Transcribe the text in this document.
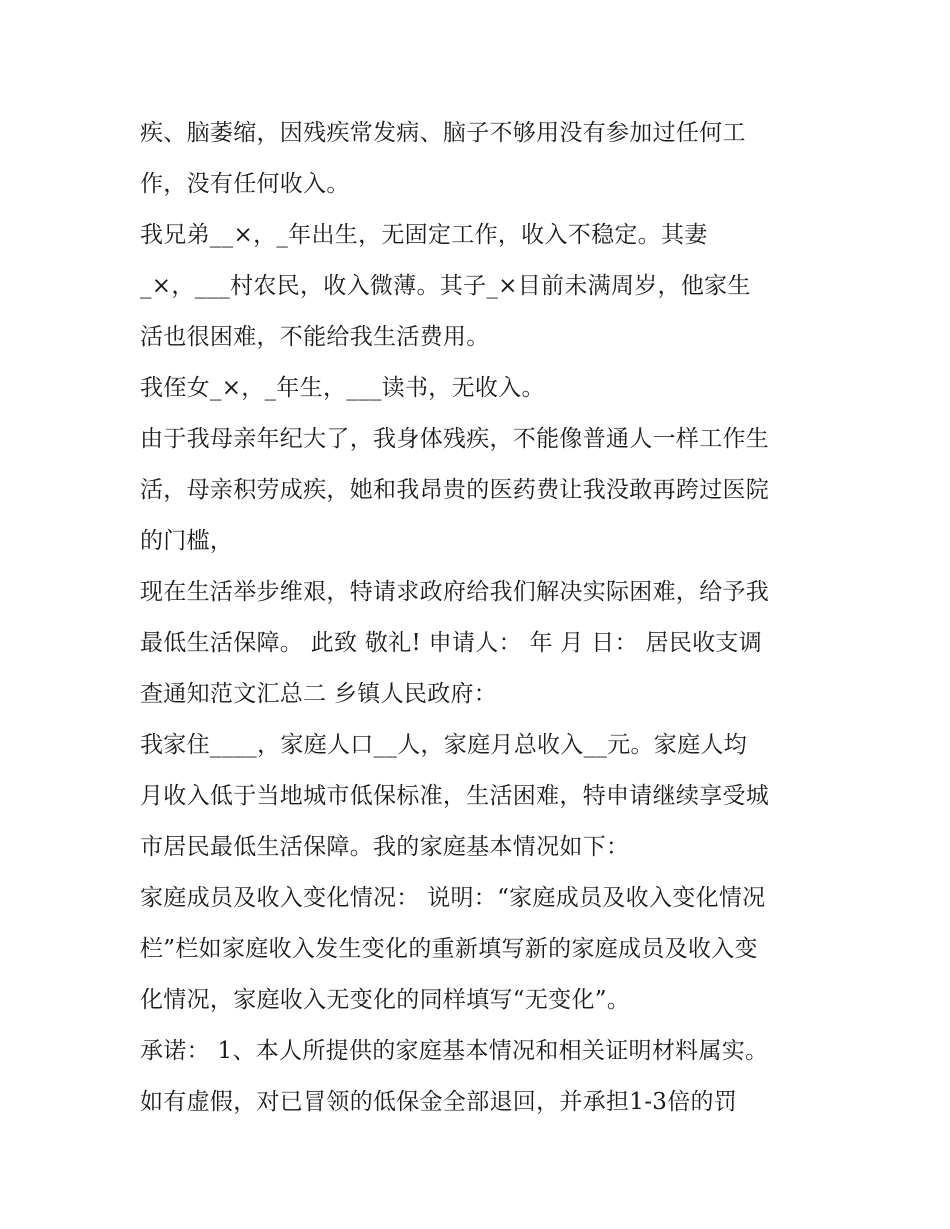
疾、脑萎缩，因残疾常发病、脑子不够用没有参加过任何工
作，没有任何收入。
我兄弟__×，_年出生，无固定工作，收入不稳定。其妻
_×，___村农民，收入微薄。其子_×目前未满周岁，他家生
活也很困难，不能给我生活费用。
我侄女_×，_年生，___读书，无收入。
由于我母亲年纪大了，我身体残疾，不能像普通人一样工作生
活，母亲积劳成疾，她和我昂贵的医药费让我没敢再跨过医院
的门槛，
现在生活举步维艰，特请求政府给我们解决实际困难，给予我
最低生活保障。 此致 敬礼! 申请人： 年 月 日： 居民收支调
查通知范文汇总二 乡镇人民政府：
我家住____，家庭人口__人，家庭月总收入__元。家庭人均
月收入低于当地城市低保标准，生活困难，特申请继续享受城
市居民最低生活保障。我的家庭基本情况如下：
家庭成员及收入变化情况： 说明：“家庭成员及收入变化情况
栏”栏如家庭收入发生变化的重新填写新的家庭成员及收入变
化情况，家庭收入无变化的同样填写“无变化”。
承诺： 1、本人所提供的家庭基本情况和相关证明材料属实。
如有虚假，对已冒领的低保金全部退回，并承担1-3倍的罚
